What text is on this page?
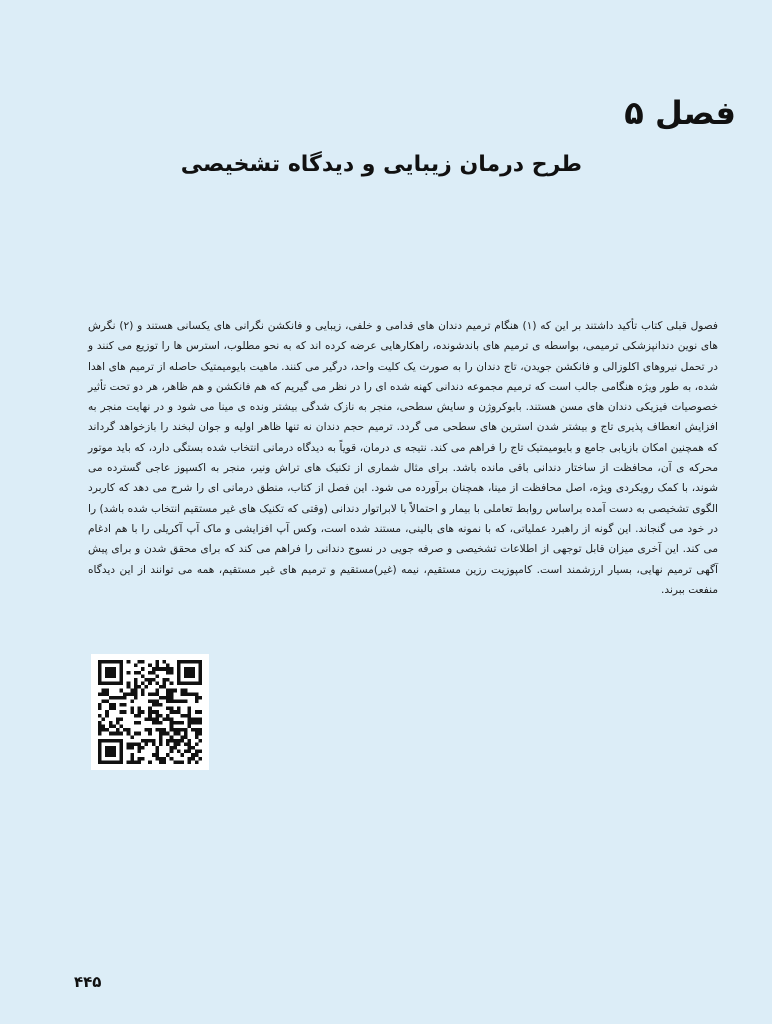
فصل ۵
طرح درمان زیبایی و دیدگاه تشخیصی

فصول قبلی کتاب تأکید داشتند بر این که (۱) هنگام ترمیم دندان های قدامی و خلفی، زیبایی و فانکشن نگرانی های یکسانی هستند و (۲) نگرش های نوین دندانپزشکی ترمیمی، بواسطه ی ترمیم های باندشونده، راهکارهایی عرضه کرده اند که به نحو مطلوب، استرس ها را توزیع می کنند و در تحمل نیروهای اکلوزالی و فانکشن جویدن، تاج دندان را به صورت یک کلیت واحد، درگیر می کنند. ماهیت بایومیمتیک حاصله از ترمیم های اهدا شده، به طور ویژه هنگامی جالب است که ترمیم مجموعه دندانی کهنه شده ای را در نظر می گیریم که هم فانکشن و هم ظاهر، هر دو تحت تأثیر خصوصیات فیزیکی دندان های مسن هستند. بابوکروژن و سایش سطحی، منجر به نازک شدگی بیشتر ونده ی مینا می شود و در نهایت منجر به افزایش انعطاف پذیری تاج و بیشتر شدن استرین های سطحی می گردد. ترمیم حجم دندان نه تنها ظاهر اولیه و جوان لبخند را بازخواهد گرداند که همچنین امکان بازیابی جامع و بایومیمتیک تاج را فراهم می کند. نتیجه ی درمان، قویاً به دیدگاه درمانی انتخاب شده بستگی دارد، که باید موتور محرکه ی آن، محافظت از ساختار دندانی باقی مانده باشد. برای مثال شماری از تکنیک های تراش ونیر، منجر به اکسپوز عاجی گسترده می شوند، با کمک رویکردی ویژه، اصل محافظت از مینا، همچنان برآورده می شود. این فصل از کتاب، منطق درمانی ای را شرح می دهد که کاربرد الگوی تشخیصی به دست آمده براساس روابط تعاملی با بیمار و احتمالاً با لابراتوار دندانی (وقتی که تکنیک های غیر مستقیم انتخاب شده باشد) را در خود می گنجاند. این گونه از راهبرد عملیاتی، که با نمونه های بالینی، مستند شده است، وکس آپ افزایشی و ماک آپ آکریلی را با هم ادغام می کند. این آخری میزان قابل توجهی از اطلاعات تشخیصی و صرفه جویی در نسوج دندانی را فراهم می کند که برای محقق شدن و برای پیش آگهی ترمیم نهایی، بسیار ارزشمند است. کامپوزیت رزین مستقیم، نیمه (غیر)مستقیم و ترمیم های غیر مستقیم، همه می توانند از این دیدگاه منفعت ببرند.

۴۴۵
